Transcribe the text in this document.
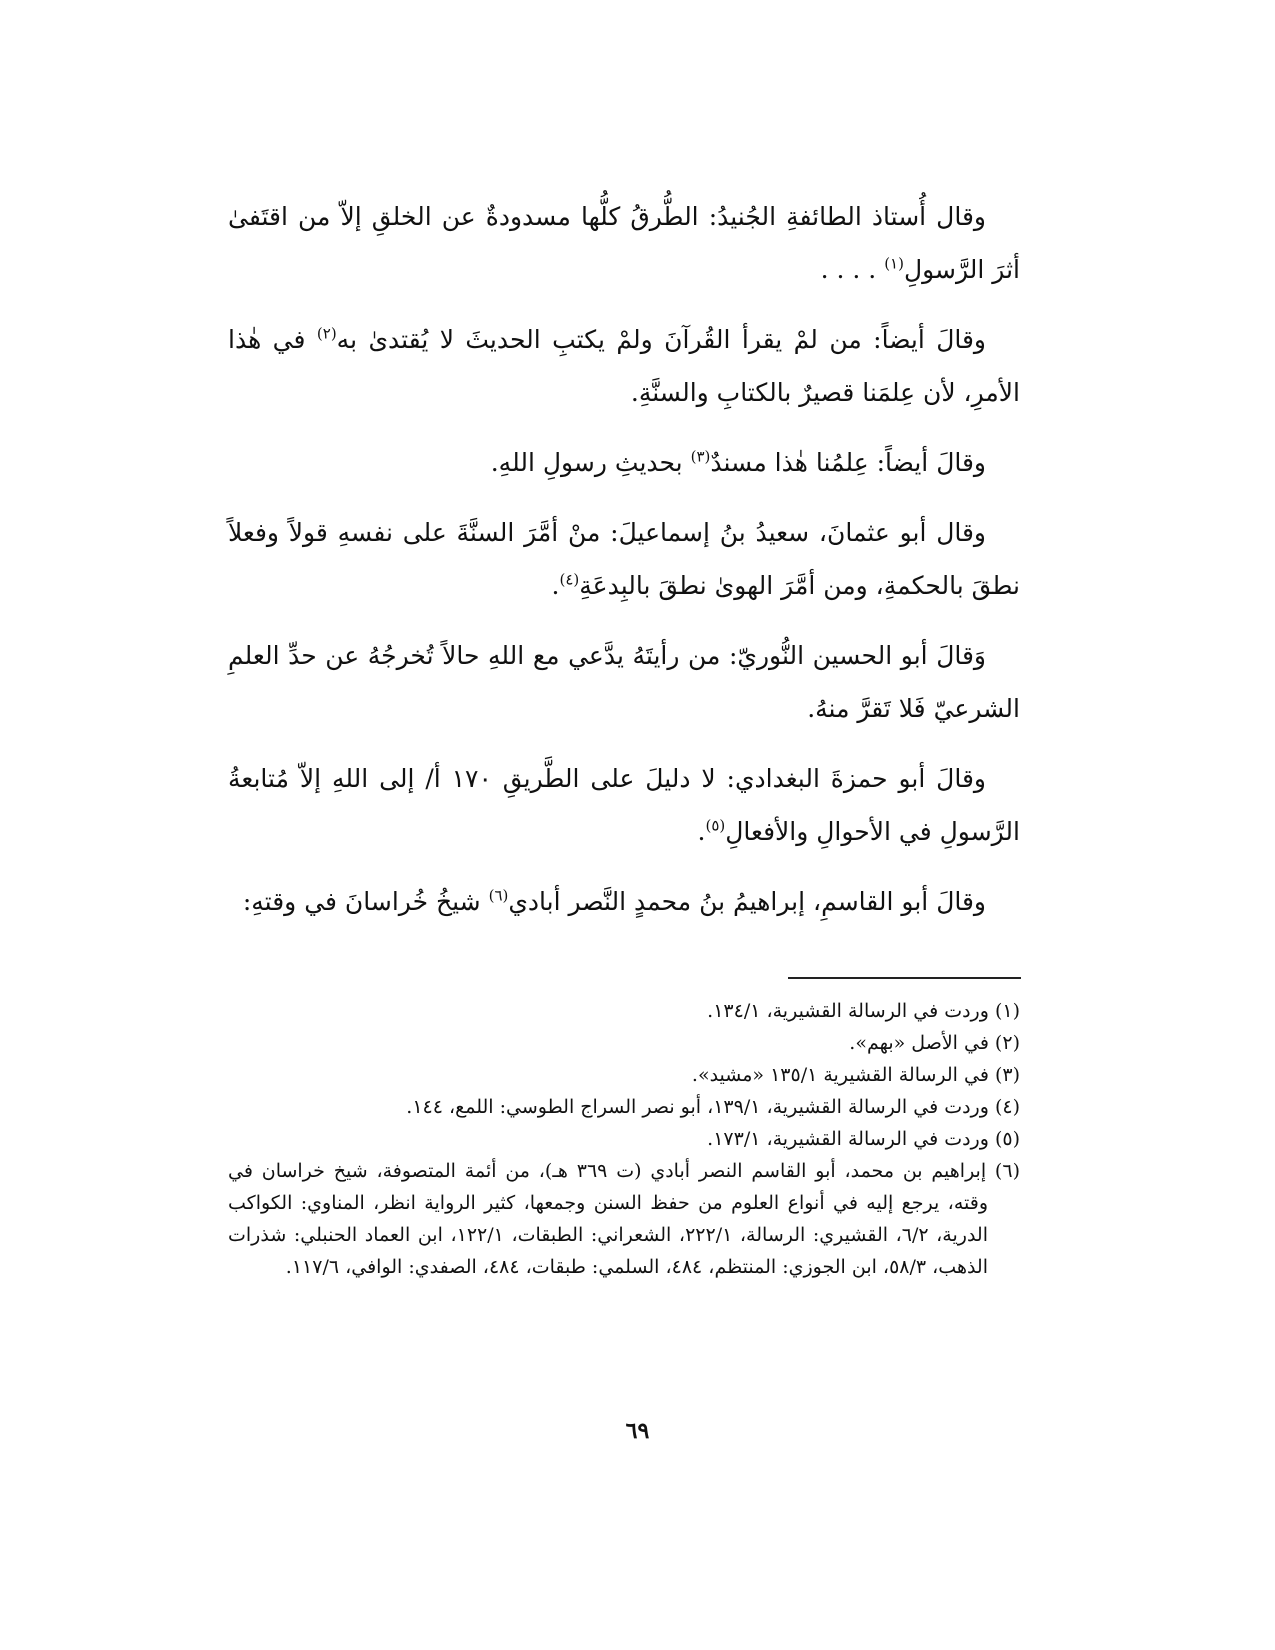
وقال أُستاذ الطائفةِ الجُنيدُ: الطُّرقُ كلُّها مسدودةٌ عن الخلقِ إلاّ من اقتَفىٰ أثرَ الرَّسولِ$^{(١)}$ . . . .

وقالَ أيضاً: من لمْ يقرأ القُرآنَ ولمْ يكتبِ الحديثَ لا يُقتدىٰ به$^{(٢)}$ في هٰذا الأمرِ، لأن عِلمَنا قصيرٌ بالكتابِ والسنَّةِ.

وقالَ أيضاً: عِلمُنا هٰذا مسندٌ$^{(٣)}$ بحديثِ رسولِ اللهِ.

وقال أبو عثمانَ، سعيدُ بنُ إسماعيلَ: منْ أمَّرَ السنَّةَ على نفسهِ قولاً وفعلاً نطقَ بالحكمةِ، ومن أمَّرَ الهوىٰ نطقَ بالبِدعَةِ$^{(٤)}$.

وَقالَ أبو الحسين النُّوريّ: من رأيتَهُ يدَّعي مع اللهِ حالاً تُخرجُهُ عن حدِّ العلمِ الشرعيّ فَلا تَقرَّ منهُ.

وقالَ أبو حمزةَ البغدادي: لا دليلَ على الطَّريقِ ١٧٠ أ/ إلى اللهِ إلاّ مُتابعةُ الرَّسولِ في الأحوالِ والأفعالِ$^{(٥)}$.

وقالَ أبو القاسمِ، إبراهيمُ بنُ محمدٍ النَّصر أبادي$^{(٦)}$ شيخُ خُراسانَ في وقتهِ:

(١) وردت في الرسالة القشيرية، ١٣٤/١.

(٢) في الأصل «بهم».

(٣) في الرسالة القشيرية ١٣٥/١ «مشيد».

(٤) وردت في الرسالة القشيرية، ١٣٩/١، أبو نصر السراج الطوسي: اللمع، ١٤٤.

(٥) وردت في الرسالة القشيرية، ١٧٣/١.

(٦) إبراهيم بن محمد، أبو القاسم النصر أبادي (ت ٣٦٩ هـ)، من أئمة المتصوفة، شيخ خراسان في وقته، يرجع إليه في أنواع العلوم من حفظ السنن وجمعها، كثير الرواية انظر، المناوي: الكواكب الدرية، ٦/٢، القشيري: الرسالة، ٢٢٢/١، الشعراني: الطبقات، ١٢٢/١، ابن العماد الحنبلي: شذرات الذهب، ٥٨/٣، ابن الجوزي: المنتظم، ٤٨٤، السلمي: طبقات، ٤٨٤، الصفدي: الوافي، ١١٧/٦.

٦٩
